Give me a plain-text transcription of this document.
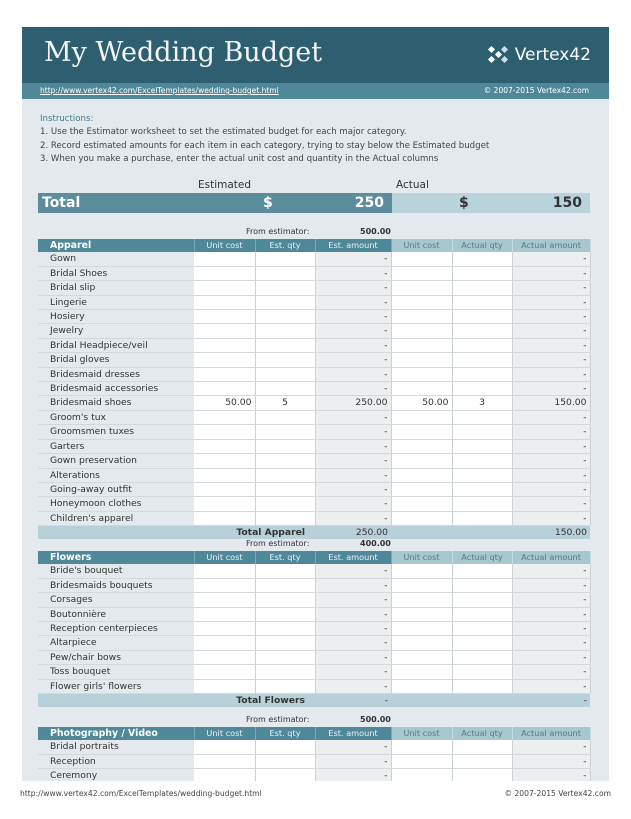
My Wedding Budget	Vertex42
http://www.vertex42.com/ExcelTemplates/wedding-budget.html	© 2007-2015 Vertex42.com
Instructions:
1. Use the Estimator worksheet to set the estimated budget for each major category.
2. Record estimated amounts for each item in each category, trying to stay below the Estimated budget
3. When you make a purchase, enter the actual unit cost and quantity in the Actual columns
Estimated	Actual
Total	$	250	$	150
From estimator:	500.00
Apparel	Unit cost	Est. qty	Est. amount	Unit cost	Actual qty	Actual amount
Gown			-			-
Bridal Shoes			-			-
Bridal slip			-			-
Lingerie			-			-
Hosiery			-			-
Jewelry			-			-
Bridal Headpiece/veil			-			-
Bridal gloves			-			-
Bridesmaid dresses			-			-
Bridesmaid accessories			-			-
Bridesmaid shoes	50.00	5	250.00	50.00	3	150.00
Groom's tux			-			-
Groomsmen tuxes			-			-
Garters			-			-
Gown preservation			-			-
Alterations			-			-
Going-away outfit			-			-
Honeymoon clothes			-			-
Children's apparel			-			-
Total Apparel			250.00			150.00
From estimator:	400.00
Flowers	Unit cost	Est. qty	Est. amount	Unit cost	Actual qty	Actual amount
Bride's bouquet			-			-
Bridesmaids bouquets			-			-
Corsages			-			-
Boutonnière			-			-
Reception centerpieces			-			-
Altarpiece			-			-
Pew/chair bows			-			-
Toss bouquet			-			-
Flower girls' flowers			-			-
Total Flowers			-			-
From estimator:	500.00
Photography / Video	Unit cost	Est. qty	Est. amount	Unit cost	Actual qty	Actual amount
Bridal portraits			-			-
Reception			-			-
Ceremony			-			-
http://www.vertex42.com/ExcelTemplates/wedding-budget.html	© 2007-2015 Vertex42.com
